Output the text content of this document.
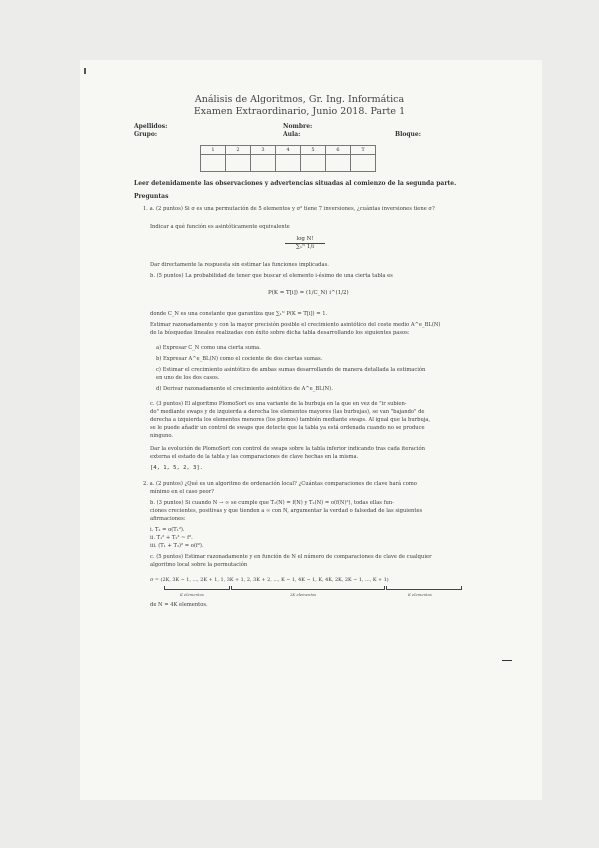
Análisis de Algoritmos, Gr. Ing. Informática
Examen Extraordinario, Junio 2018. Parte 1
Apellidos:	Nombre:
Grupo:	Aula:	Bloque:
1	2	3	4	5	6	T

Leer detenidamente las observaciones y advertencias situadas al comienzo de la segunda parte.
Preguntas
1. a. (2 puntos) Si σ es una permutación de 5 elementos y σ² tiene 7 inversiones, ¿cuántas inversiones tiene σ?
Indicar a qué función es asintóticamente equivalente
$\frac{\text{log N!}}{\text{∑₁ᴺ 1/i}}$
Dar directamente la respuesta sin estimar las funciones implicadas.
b. (5 puntos) La probabilidad de tener que buscar el elemento i-ésimo de una cierta tabla es
P(K = T[i]) = (1/C_N) i^(1/2)
donde C_N es una constante que garantiza que ∑₁ᴺ P(K = T[i]) = 1.
Estimar razonadamente y con la mayor precisión posible el crecimiento asintótico del coste medio A^e_BL(N)
de la búsquedas lineales realizadas con éxito sobre dicha tabla desarrollando los siguientes pasos:
a) Expresar C_N como una cierta suma.
b) Expresar A^e_BL(N) como el cociente de dos ciertas sumas.
c) Estimar el crecimiento asintótico de ambas sumas desarrollando de manera detallada la estimación
en uno de los dos casos.
d) Derivar razonadamente el crecimiento asintótico de A^e_BL(N).
c. (3 puntos) El algoritmo PlomoSort es una variante de la burbuja en la que en vez de "ir subien-
do" mediante swaps y de izquierda a derecha los elementos mayores (las burbujas), se van "bajando" de
derecha a izquierda los elementos menores (los plomos) también mediante swaps. Al igual que la burbuja,
se le puede añadir un control de swaps que detecte que la tabla ya está ordenada cuando no se produce
ninguno.
Dar la evolución de PlomoSort con control de swaps sobre la tabla inferior indicando tras cada iteración
externa el estado de la tabla y las comparaciones de clave hechas en la misma.
[4, 1, 5, 2, 3].
2. a. (2 puntos) ¿Qué es un algoritmo de ordenación local? ¿Cuántas comparaciones de clave hará como
mínimo en el caso peor?
b. (3 puntos) Si cuando N → ∞ se cumple que T₁(N) = f(N) y T₂(N) = o(f(N)²), todas ellas fun-
ciones crecientes, positivas y que tienden a ∞ con N, argumentar la verdad o falsedad de las siguientes
afirmaciones:
i. T₂ = o(T₁²).
ii. T₁² + T₂² ~ f².
iii. (T₁ + T₂)² = o(f²).
c. (5 puntos) Estimar razonadamente y en función de N el número de comparaciones de clave de cualquier
algoritmo local sobre la permutación
σ = (2K, 3K − 1, ..., 2K + 1, 1, 3K + 1, 2, 3K + 2, ..., K − 1, 4K − 1, K, 4K, 2K, 2K − 1, ..., K + 1)
K elementos	2K elementos	K elementos
de N = 4K elementos.
